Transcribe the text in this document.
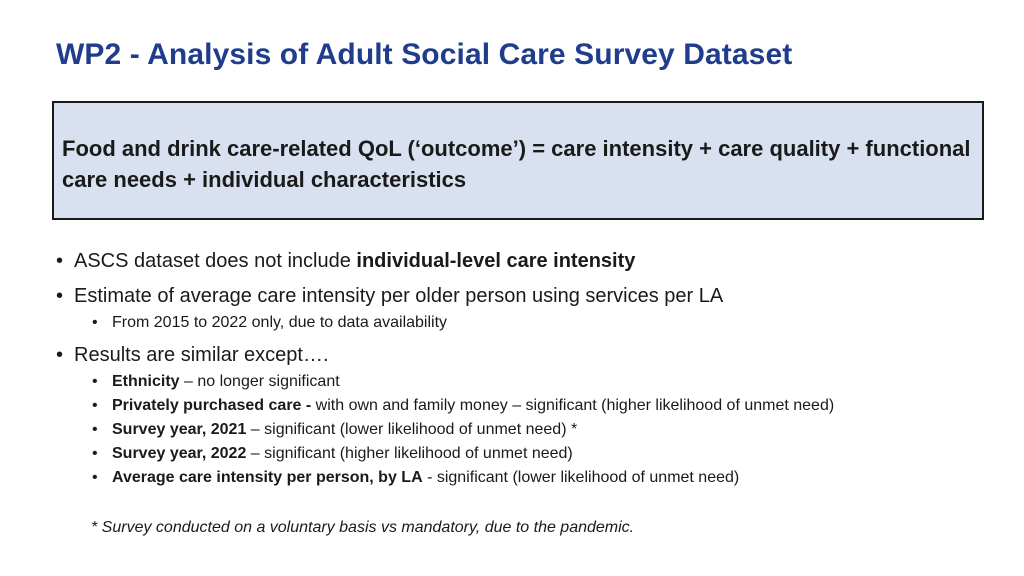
WP2 - Analysis of Adult Social Care Survey Dataset
Food and drink care-related QoL (‘outcome’) = care intensity + care quality + functional care needs + individual characteristics
• ASCS dataset does not include individual-level care intensity
• Estimate of average care intensity per older person using services per LA
• From 2015 to 2022 only, due to data availability
• Results are similar except….
• Ethnicity – no longer significant
• Privately purchased care - with own and family money – significant (higher likelihood of unmet need)
• Survey year, 2021 – significant (lower likelihood of unmet need) *
• Survey year, 2022 – significant (higher likelihood of unmet need)
• Average care intensity per person, by LA - significant (lower likelihood of unmet need)
* Survey conducted on a voluntary basis vs mandatory, due to the pandemic.
